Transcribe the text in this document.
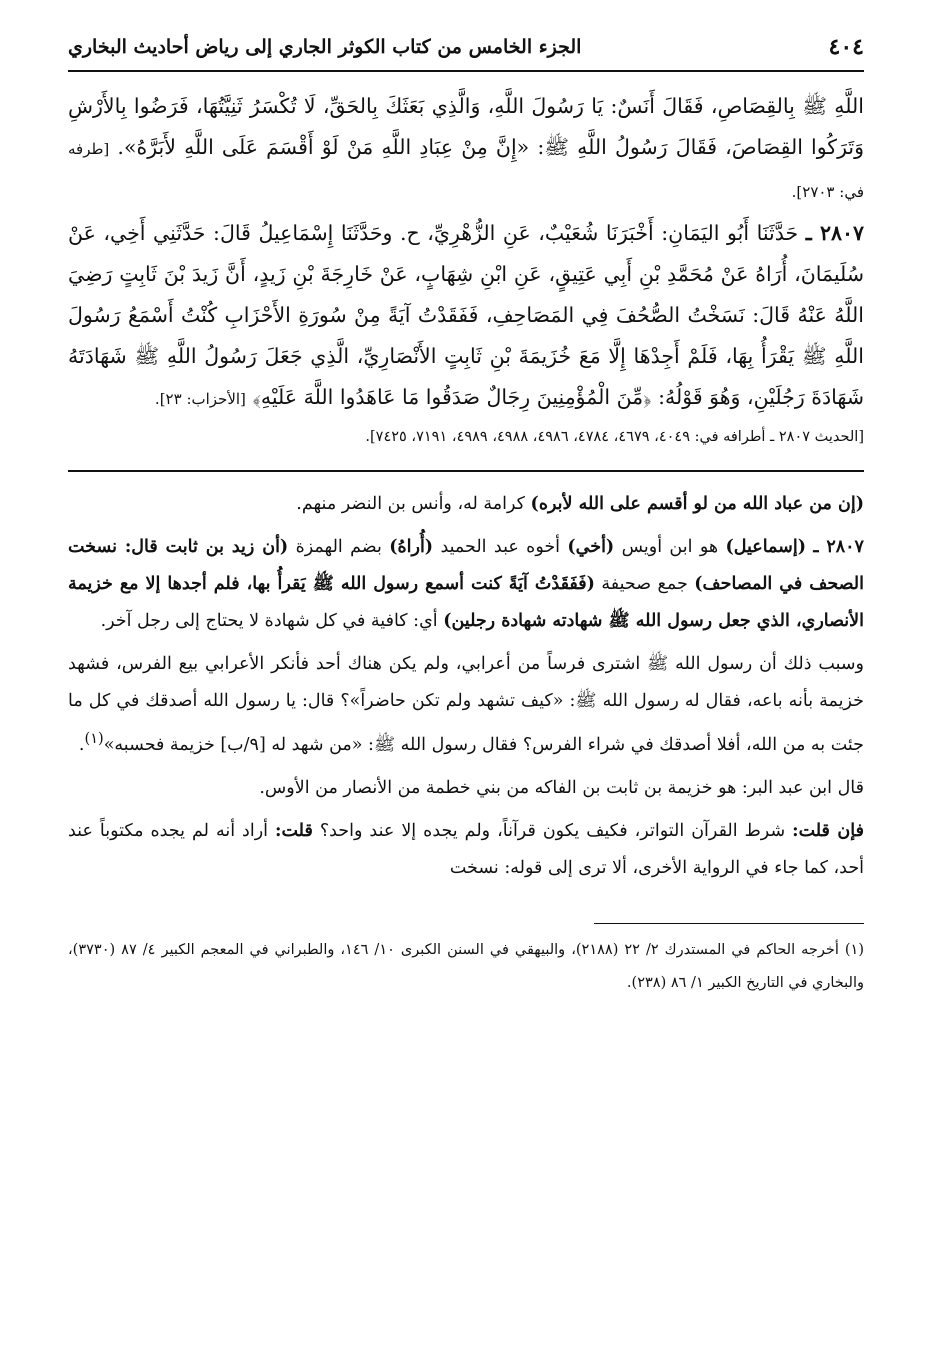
٤٠٤
الجزء الخامس من كتاب الكوثر الجاري إلى رياض أحاديث البخاري

اللَّهِ ﷺ بِالقِصَاصِ، فَقَالَ أَنَسٌ: يَا رَسُولَ اللَّهِ، وَالَّذِي بَعَثَكَ بِالحَقِّ، لَا تُكْسَرُ ثَنِيَّتُهَا، فَرَضُوا بِالأَرْشِ وَتَرَكُوا القِصَاصَ، فَقَالَ رَسُولُ اللَّهِ ﷺ: «إِنَّ مِنْ عِبَادِ اللَّهِ مَنْ لَوْ أَقْسَمَ عَلَى اللَّهِ لأَبَرَّهُ». [طرفه في: ٢٧٠٣].

٢٨٠٧ ـ حَدَّثَنَا أَبُو اليَمَانِ: أَخْبَرَنَا شُعَيْبٌ، عَنِ الزُّهْرِيِّ، ح. وحَدَّثَنَا إِسْمَاعِيلُ قَالَ: حَدَّثَنِي أَخِي، عَنْ سُلَيمَانَ، أُرَاهُ عَنْ مُحَمَّدِ بْنِ أَبِي عَتِيقٍ، عَنِ ابْنِ شِهَابٍ، عَنْ خَارِجَةَ بْنِ زَيدٍ، أَنَّ زَيدَ بْنَ ثَابِتٍ رَضِيَ اللَّهُ عَنْهُ قَالَ: نَسَخْتُ الصُّحُفَ فِي المَصَاحِفِ، فَفَقَدْتُ آيَةً مِنْ سُورَةِ الأَحْزَابِ كُنْتُ أَسْمَعُ رَسُولَ اللَّهِ ﷺ يَقْرَأُ بِهَا، فَلَمْ أَجِدْهَا إِلَّا مَعَ خُزَيمَةَ بْنِ ثَابِتٍ الأَنْصَارِيِّ، الَّذِي جَعَلَ رَسُولُ اللَّهِ ﷺ شَهَادَتَهُ شَهَادَةَ رَجُلَيْنِ، وَهُوَ قَوْلُهُ: ﴿مِّنَ الْمُؤْمِنِينَ رِجَالٌ صَدَقُوا مَا عَاهَدُوا اللَّهَ عَلَيْهِ﴾ [الأحزاب: ٢٣].

[الحديث ٢٨٠٧ ـ أطرافه في: ٤٠٤٩، ٤٦٧٩، ٤٧٨٤، ٤٩٨٦، ٤٩٨٨، ٤٩٨٩، ٧١٩١، ٧٤٢٥].

(إن من عباد الله من لو أقسم على الله لأبره) كرامة له، وأنس بن النضر منهم.

٢٨٠٧ ـ (إسماعيل) هو ابن أويس (أخي) أخوه عبد الحميد (أُراهُ) بضم الهمزة (أن زيد بن ثابت قال: نسخت الصحف في المصاحف) جمع صحيفة (فَفَقَدْتُ آيَةً كنت أسمع رسول الله ﷺ يَقرأُ بها، فلم أجدها إلا مع خزيمة الأنصاري، الذي جعل رسول الله ﷺ شهادته شهادة رجلين) أي: كافية في كل شهادة لا يحتاج إلى رجل آخر.

وسبب ذلك أن رسول الله ﷺ اشترى فرساً من أعرابي، ولم يكن هناك أحد فأنكر الأعرابي بيع الفرس، فشهد خزيمة بأنه باعه، فقال له رسول الله ﷺ: «كيف تشهد ولم تكن حاضراً»؟ قال: يا رسول الله أصدقك في كل ما جئت به من الله، أفلا أصدقك في شراء الفرس؟ فقال رسول الله ﷺ: «من شهد له [٩/ب] خزيمة فحسبه»$^{(١)}$.

قال ابن عبد البر: هو خزيمة بن ثابت بن الفاكه من بني خطمة من الأنصار من الأوس.

فإن قلت: شرط القرآن التواتر، فكيف يكون قرآناً، ولم يجده إلا عند واحد؟ قلت: أراد أنه لم يجده مكتوباً عند أحد، كما جاء في الرواية الأخرى، ألا ترى إلى قوله: نسخت

(١) أخرجه الحاكم في المستدرك ٢/ ٢٢ (٢١٨٨)، والبيهقي في السنن الكبرى ١٠/ ١٤٦، والطبراني في المعجم الكبير ٤/ ٨٧ (٣٧٣٠)، والبخاري في التاريخ الكبير ١/ ٨٦ (٢٣٨).
